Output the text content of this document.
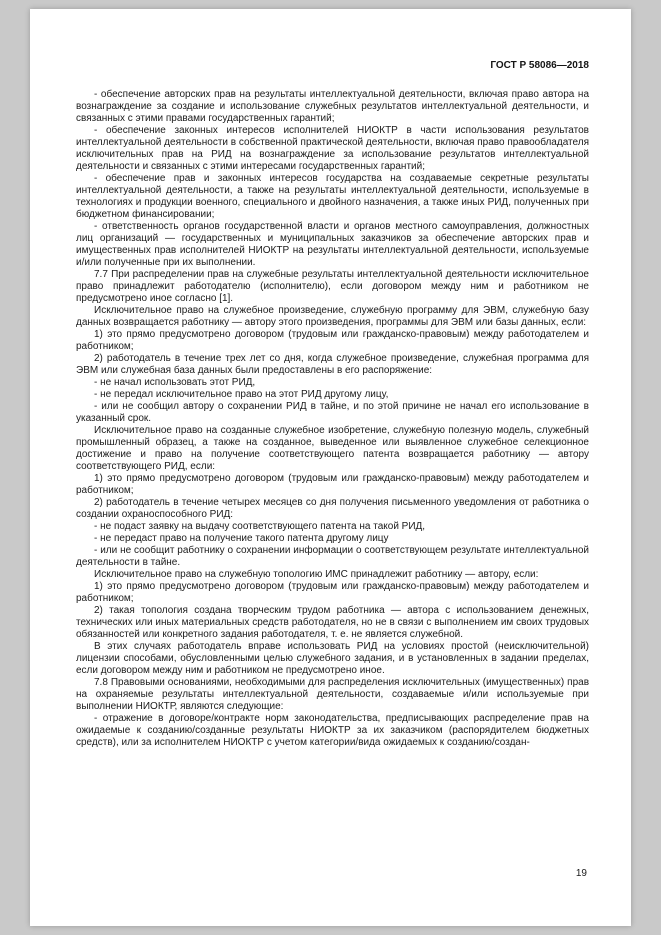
ГОСТ Р 58086—2018

- обеспечение авторских прав на результаты интеллектуальной деятельности, включая право автора на вознаграждение за создание и использование служебных результатов интеллектуальной деятельности, и связанных с этими правами государственных гарантий;

- обеспечение законных интересов исполнителей НИОКТР в части использования результатов интеллектуальной деятельности в собственной практической деятельности, включая право правообладателя исключительных прав на РИД на вознаграждение за использование результатов интеллектуальной деятельности и связанных с этими интересами государственных гарантий;

- обеспечение прав и законных интересов государства на создаваемые секретные результаты интеллектуальной деятельности, а также на результаты интеллектуальной деятельности, используемые в технологиях и продукции военного, специального и двойного назначения, а также иных РИД, полученных при бюджетном финансировании;

- ответственность органов государственной власти и органов местного самоуправления, должностных лиц организаций — государственных и муниципальных заказчиков за обеспечение авторских прав и имущественных прав исполнителей НИОКТР на результаты интеллектуальной деятельности, используемые и/или полученные при их выполнении.

7.7 При распределении прав на служебные результаты интеллектуальной деятельности исключительное право принадлежит работодателю (исполнителю), если договором между ним и работником не предусмотрено иное согласно [1].

Исключительное право на служебное произведение, служебную программу для ЭВМ, служебную базу данных возвращается работнику — автору этого произведения, программы для ЭВМ или базы данных, если:

1) это прямо предусмотрено договором (трудовым или гражданско-правовым) между работодателем и работником;

2) работодатель в течение трех лет со дня, когда служебное произведение, служебная программа для ЭВМ или служебная база данных были предоставлены в его распоряжение:

- не начал использовать этот РИД,

- не передал исключительное право на этот РИД другому лицу,

- или не сообщил автору о сохранении РИД в тайне, и по этой причине не начал его использование в указанный срок.

Исключительное право на созданные служебное изобретение, служебную полезную модель, служебный промышленный образец, а также на созданное, выведенное или выявленное служебное селекционное достижение и право на получение соответствующего патента возвращается работнику — автору соответствующего РИД, если:

1) это прямо предусмотрено договором (трудовым или гражданско-правовым) между работодателем и работником;

2) работодатель в течение четырех месяцев со дня получения письменного уведомления от работника о создании охраноспособного РИД:

- не подаст заявку на выдачу соответствующего патента на такой РИД,

- не передаст право на получение такого патента другому лицу

- или не сообщит работнику о сохранении информации о соответствующем результате интеллектуальной деятельности в тайне.

Исключительное право на служебную топологию ИМС принадлежит работнику — автору, если:

1) это прямо предусмотрено договором (трудовым или гражданско-правовым) между работодателем и работником;

2) такая топология создана творческим трудом работника — автора с использованием денежных, технических или иных материальных средств работодателя, но не в связи с выполнением им своих трудовых обязанностей или конкретного задания работодателя, т. е. не является служебной.

В этих случаях работодатель вправе использовать РИД на условиях простой (неисключительной) лицензии способами, обусловленными целью служебного задания, и в установленных в задании пределах, если договором между ним и работником не предусмотрено иное.

7.8 Правовыми основаниями, необходимыми для распределения исключительных (имущественных) прав на охраняемые результаты интеллектуальной деятельности, создаваемые и/или используемые при выполнении НИОКТР, являются следующие:

- отражение в договоре/контракте норм законодательства, предписывающих распределение прав на ожидаемые к созданию/созданные результаты НИОКТР за их заказчиком (распорядителем бюджетных средств), или за исполнителем НИОКТР с учетом категории/вида ожидаемых к созданию/создан-

19
